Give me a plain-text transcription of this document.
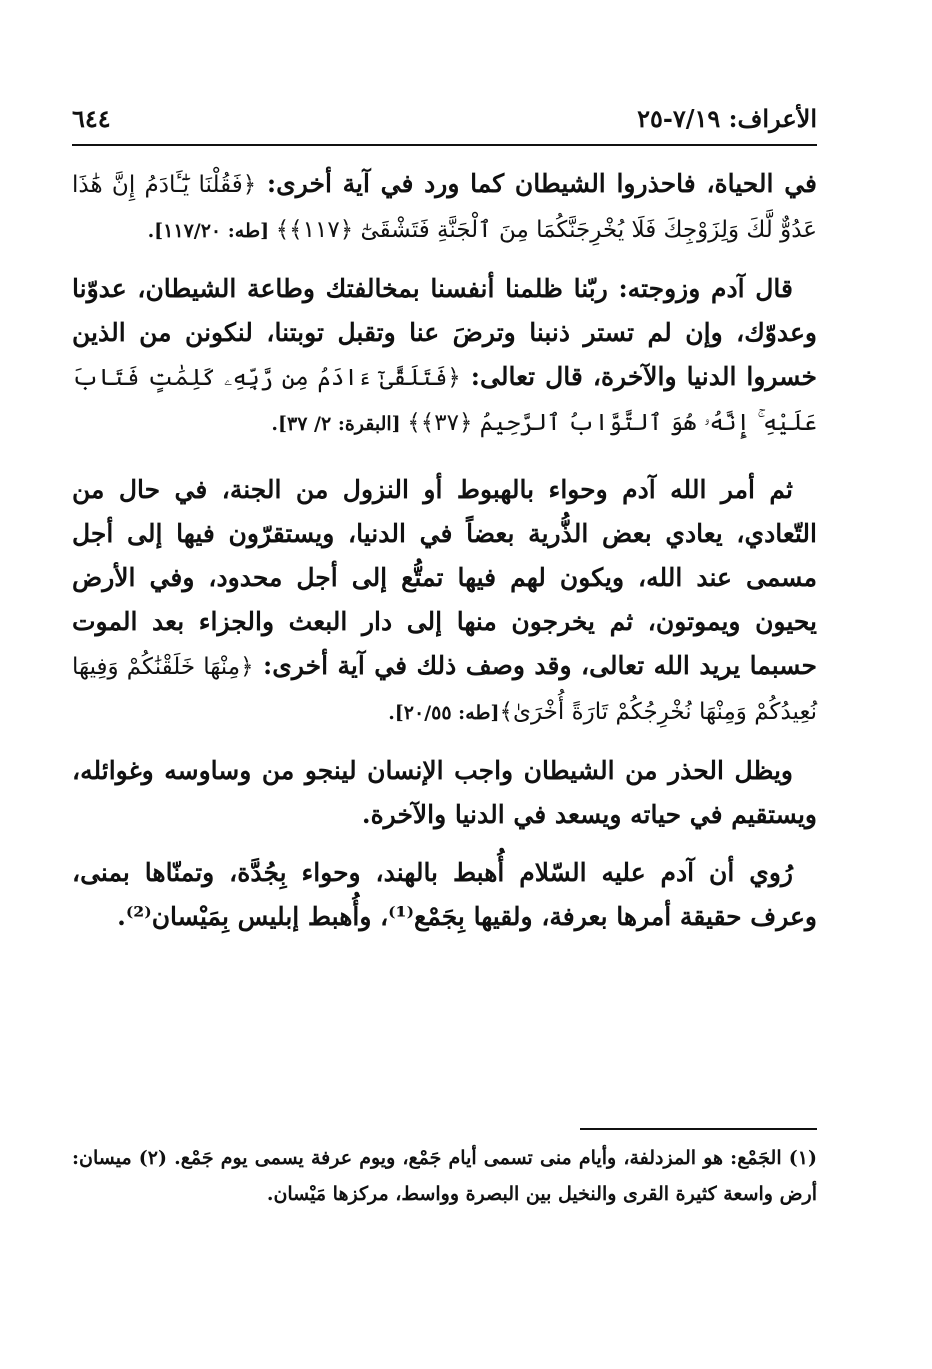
الأعراف: ٧/١٩-٢٥
٦٤٤

في الحياة، فاحذروا الشيطان كما ورد في آية أخرى: ﴿فَقُلْنَا يَٰٓـَٔادَمُ إِنَّ هَٰذَا عَدُوٌّ لَّكَ وَلِزَوْجِكَ فَلَا يُخْرِجَنَّكُمَا مِنَ ٱلْجَنَّةِ فَتَشْقَىٰٓ ﴿١١٧﴾﴾ [طه: ١١٧/٢٠].

قال آدم وزوجته: ربّنا ظلمنا أنفسنا بمخالفتك وطاعة الشيطان، عدوّنا وعدوّك، وإن لم تستر ذنبنا وترضَ عنا وتقبل توبتنا، لنكونن من الذين خسروا الدنيا والآخرة، قال تعالى: ﴿فَتَلَقَّىٰٓ ءَادَمُ مِن رَّبِّهِۦ كَلِمَٰتٍ فَتَابَ عَلَيْهِ ۚ إِنَّهُۥ هُوَ ٱلتَّوَّابُ ٱلرَّحِيمُ ﴿٣٧﴾﴾ [البقرة: ٢/ ٣٧].

ثم أمر الله آدم وحواء بالهبوط أو النزول من الجنة، في حال من التّعادي، يعادي بعض الذُّرية بعضاً في الدنيا، ويستقرّون فيها إلى أجل مسمى عند الله، ويكون لهم فيها تمتُّع إلى أجل محدود، وفي الأرض يحيون ويموتون، ثم يخرجون منها إلى دار البعث والجزاء بعد الموت حسبما يريد الله تعالى، وقد وصف ذلك في آية أخرى: ﴿مِنْهَا خَلَقْنَٰكُمْ وَفِيهَا نُعِيدُكُمْ وَمِنْهَا نُخْرِجُكُمْ تَارَةً أُخْرَىٰ﴾[طه: ٢٠/٥٥].

ويظل الحذر من الشيطان واجب الإنسان لينجو من وساوسه وغوائله، ويستقيم في حياته ويسعد في الدنيا والآخرة.

رُوي أن آدم عليه السّلام أُهبط بالهند، وحواء بِجُدَّة، وتمنّاها بمنى، وعرف حقيقة أمرها بعرفة، ولقيها بِجَمْع⁽¹⁾، وأُهبط إبليس بِمَيْسان⁽²⁾.

(١) الجَمْع: هو المزدلفة، وأيام منى تسمى أيام جَمْع، ويوم عرفة يسمى يوم جَمْع. (٢) ميسان: أرض واسعة كثيرة القرى والنخيل بين البصرة وواسط، مركزها مَيْسان.
